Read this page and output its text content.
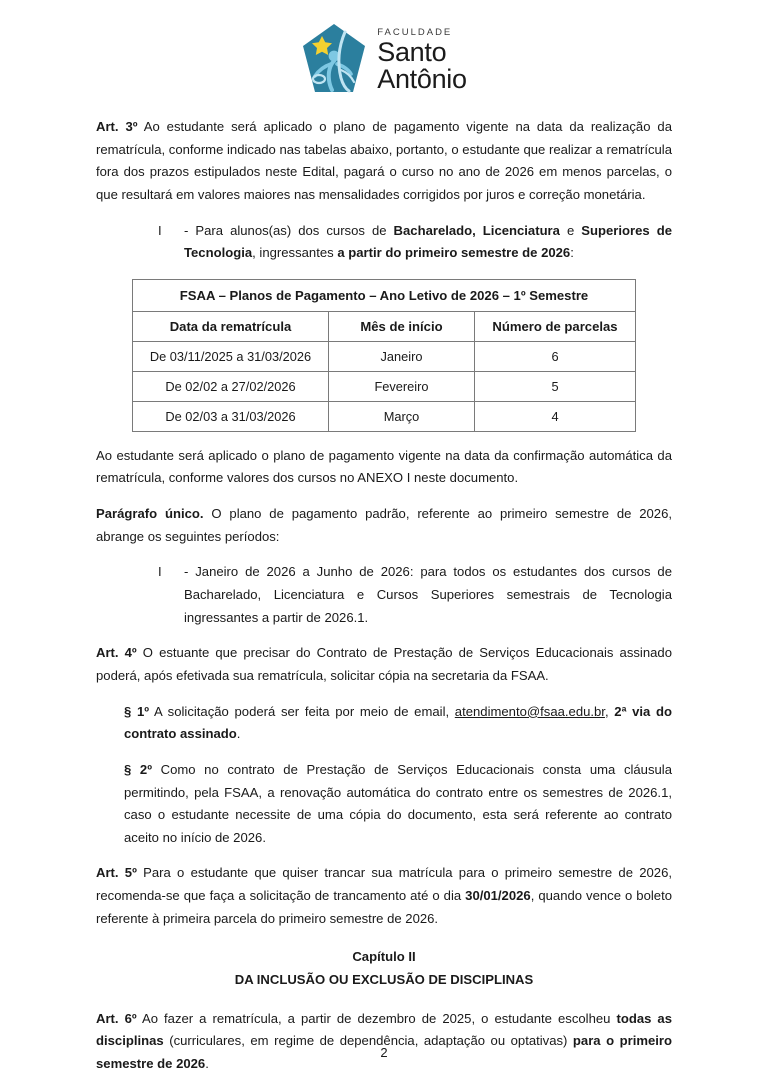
FACULDADE
Santo
Antônio

Art. 3º Ao estudante será aplicado o plano de pagamento vigente na data da realização da rematrícula, conforme indicado nas tabelas abaixo, portanto, o estudante que realizar a rematrícula fora dos prazos estipulados neste Edital, pagará o curso no ano de 2026 em menos parcelas, o que resultará em valores maiores nas mensalidades corrigidos por juros e correção monetária.

I	- Para alunos(as) dos cursos de Bacharelado, Licenciatura e Superiores de Tecnologia, ingressantes a partir do primeiro semestre de 2026:
FSAA – Planos de Pagamento – Ano Letivo de 2026 – 1º Semestre		
Data da rematrícula	Mês de início	Número de parcelas
De 03/11/2025 a 31/03/2026	Janeiro	6
De 02/02 a 27/02/2026	Fevereiro	5
De 02/03 a 31/03/2026	Março	4

Ao estudante será aplicado o plano de pagamento vigente na data da confirmação automática da rematrícula, conforme valores dos cursos no ANEXO I neste documento.

Parágrafo único. O plano de pagamento padrão, referente ao primeiro semestre de 2026, abrange os seguintes períodos:

I	- Janeiro de 2026 a Junho de 2026: para todos os estudantes dos cursos de Bacharelado, Licenciatura e Cursos Superiores semestrais de Tecnologia ingressantes a partir de 2026.1.

Art. 4º O estuante que precisar do Contrato de Prestação de Serviços Educacionais assinado poderá, após efetivada sua rematrícula, solicitar cópia na secretaria da FSAA.

§ 1º A solicitação poderá ser feita por meio de email, atendimento@fsaa.edu.br, 2ª via do contrato assinado.

§ 2º Como no contrato de Prestação de Serviços Educacionais consta uma cláusula permitindo, pela FSAA, a renovação automática do contrato entre os semestres de 2026.1, caso o estudante necessite de uma cópia do documento, esta será referente ao contrato aceito no início de 2026.

Art. 5º Para o estudante que quiser trancar sua matrícula para o primeiro semestre de 2026, recomenda-se que faça a solicitação de trancamento até o dia 30/01/2026, quando vence o boleto referente à primeira parcela do primeiro semestre de 2026.

Capítulo II
DA INCLUSÃO OU EXCLUSÃO DE DISCIPLINAS

Art. 6º Ao fazer a rematrícula, a partir de dezembro de 2025, o estudante escolheu todas as disciplinas (curriculares, em regime de dependência, adaptação ou optativas) para o primeiro semestre de 2026.

2
